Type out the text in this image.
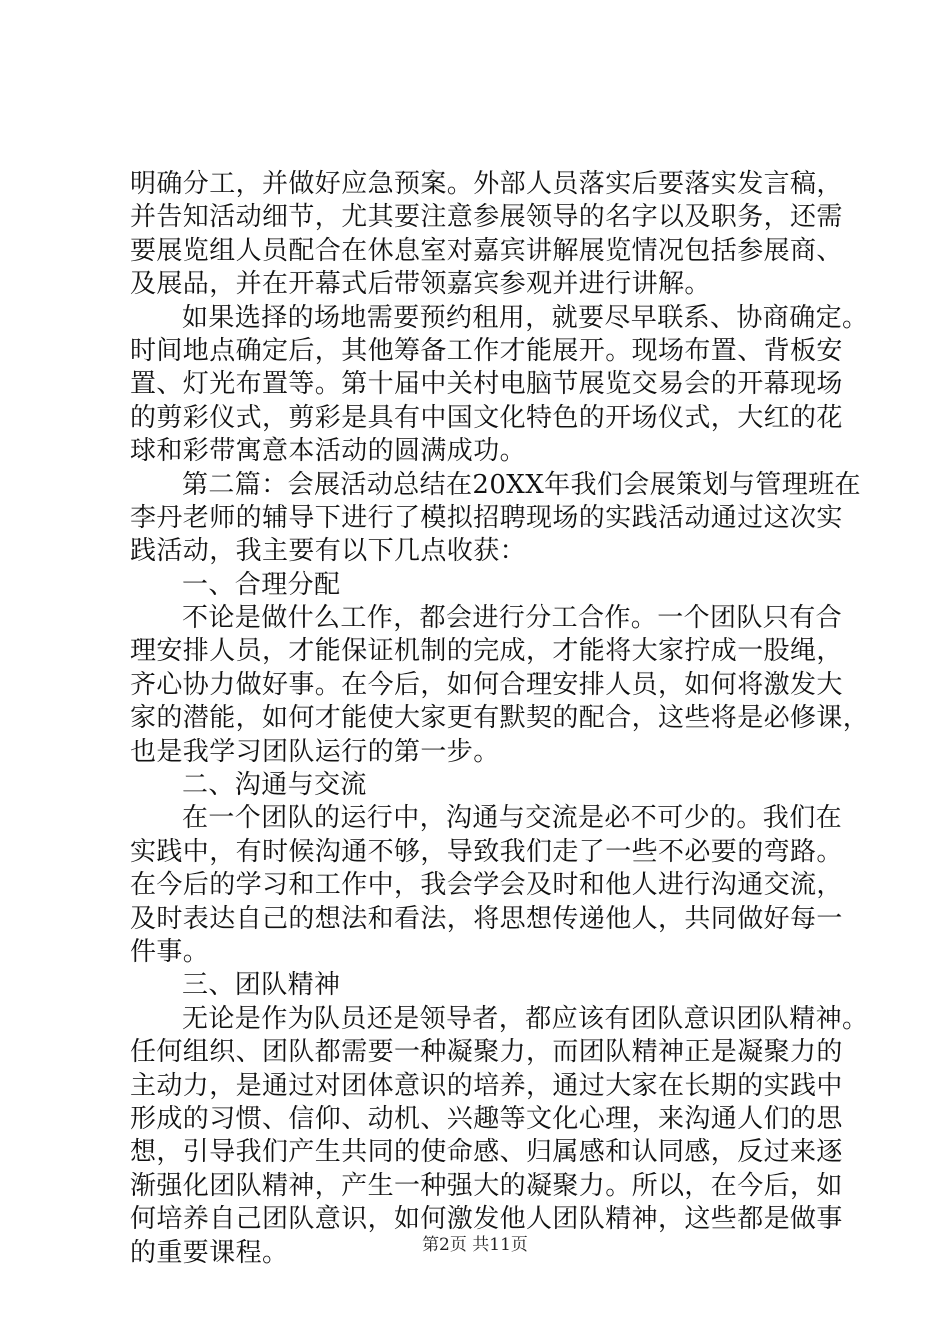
明确分工，并做好应急预案。外部人员落实后要落实发言稿，
并告知活动细节，尤其要注意参展领导的名字以及职务，还需
要展览组人员配合在休息室对嘉宾讲解展览情况包括参展商、
及展品，并在开幕式后带领嘉宾参观并进行讲解。
如果选择的场地需要预约租用，就要尽早联系、协商确定。
时间地点确定后，其他筹备工作才能展开。现场布置、背板安
置、灯光布置等。第十届中关村电脑节展览交易会的开幕现场
的剪彩仪式，剪彩是具有中国文化特色的开场仪式，大红的花
球和彩带寓意本活动的圆满成功。
第二篇：会展活动总结在20XX年我们会展策划与管理班在
李丹老师的辅导下进行了模拟招聘现场的实践活动通过这次实
践活动，我主要有以下几点收获：
一、合理分配
不论是做什么工作，都会进行分工合作。一个团队只有合
理安排人员，才能保证机制的完成，才能将大家拧成一股绳，
齐心协力做好事。在今后，如何合理安排人员，如何将激发大
家的潜能，如何才能使大家更有默契的配合，这些将是必修课，
也是我学习团队运行的第一步。
二、沟通与交流
在一个团队的运行中，沟通与交流是必不可少的。我们在
实践中，有时候沟通不够，导致我们走了一些不必要的弯路。
在今后的学习和工作中，我会学会及时和他人进行沟通交流，
及时表达自己的想法和看法，将思想传递他人，共同做好每一
件事。
三、团队精神
无论是作为队员还是领导者，都应该有团队意识团队精神。
任何组织、团队都需要一种凝聚力，而团队精神正是凝聚力的
主动力，是通过对团体意识的培养，通过大家在长期的实践中
形成的习惯、信仰、动机、兴趣等文化心理，来沟通人们的思
想，引导我们产生共同的使命感、归属感和认同感，反过来逐
渐强化团队精神，产生一种强大的凝聚力。所以，在今后，如
何培养自己团队意识，如何激发他人团队精神，这些都是做事
的重要课程。	第2页 共11页
